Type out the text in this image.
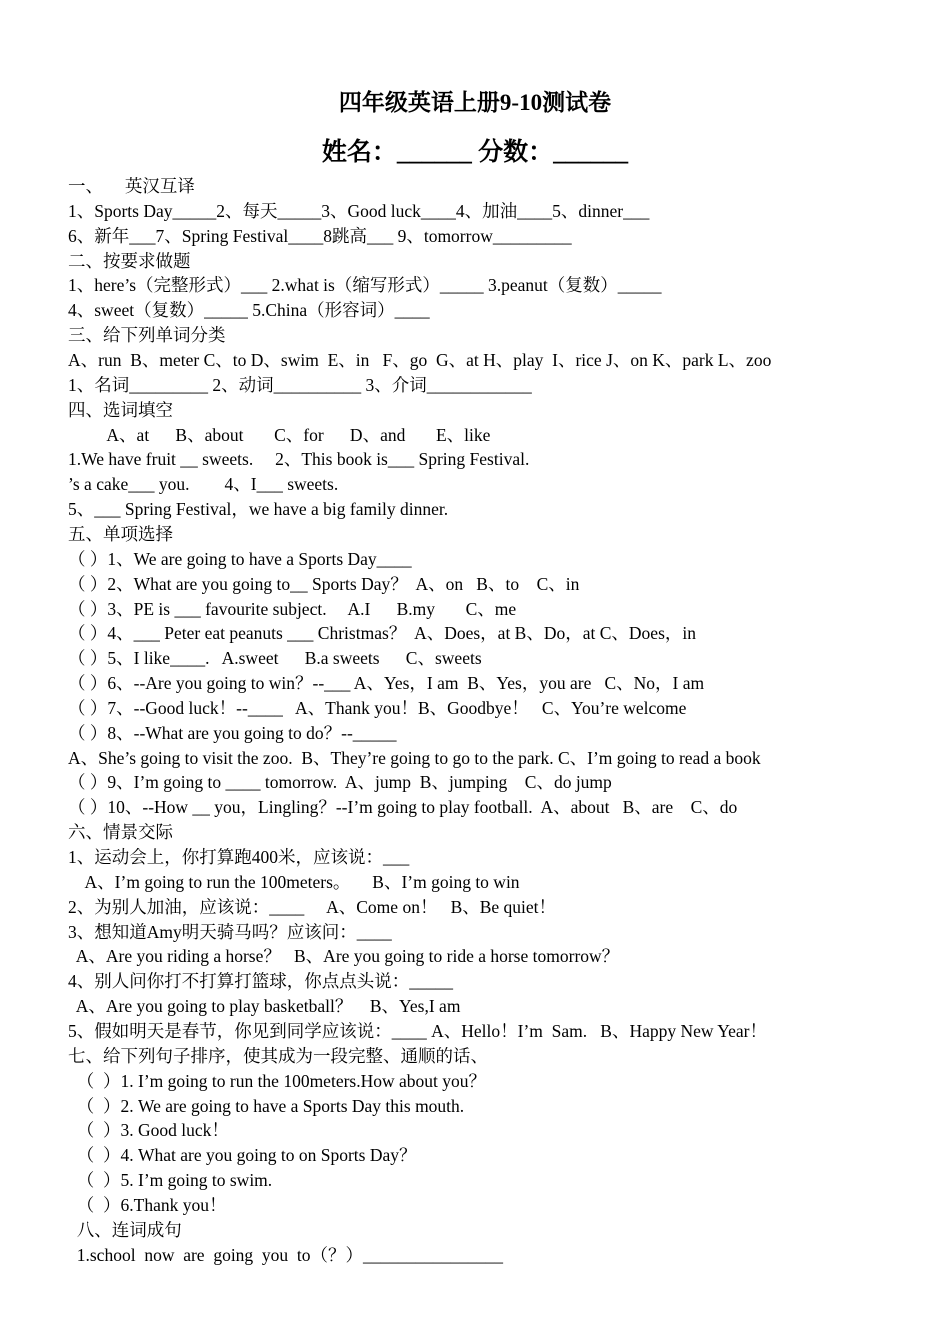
四年级英语上册9-10测试卷
姓名：______ 分数：______
一、     英汉互译
1、Sports Day_____2、每天_____3、Good luck____4、加油____5、dinner___
6、新年___7、Spring Festival____8跳高___ 9、tomorrow_________
二、按要求做题
1、here’s（完整形式）___ 2.what is（缩写形式）_____ 3.peanut（复数）_____
4、sweet（复数）_____ 5.China（形容词）____
三、给下列单词分类
A、run  B、meter C、to D、swim  E、in   F、go  G、at H、play  I、rice J、on K、park L、zoo
1、名词_________ 2、动词__________ 3、介词____________
四、选词填空
A、at      B、about       C、for      D、and       E、like
1.We have fruit __ sweets.     2、This book is___ Spring Festival.
’s a cake___ you.        4、I___ sweets.
5、___ Spring Festival，we have a big family dinner.
五、单项选择
（ ）1、We are going to have a Sports Day____
（ ）2、What are you going to__ Sports Day？  A、on   B、to    C、in
（ ）3、PE is ___ favourite subject.     A.I      B.my       C、me
（ ）4、___ Peter eat peanuts ___ Christmas？  A、Does，at B、Do，at C、Does，in
（ ）5、I like____.   A.sweet      B.a sweets      C、sweets
（ ）6、--Are you going to win？--___ A、Yes，I am  B、Yes，you are   C、No，I am
（ ）7、--Good luck！--____   A、Thank you！B、Goodbye！   C、You’re welcome
（ ）8、--What are you going to do？--_____
A、She’s going to visit the zoo.  B、They’re going to go to the park. C、I’m going to read a book
（ ）9、I’m going to ____ tomorrow.  A、jump  B、jumping    C、do jump
（ ）10、--How __ you，Lingling？--I’m going to play football.  A、about   B、are    C、do
六、情景交际
1、运动会上，你打算跑400米，应该说：___
A、I’m going to run the 100meters。     B、I’m going to win
2、为别人加油，应该说：____     A、Come on！   B、Be quiet！
3、想知道Amy明天骑马吗？应该问：____
A、Are you riding a horse？   B、Are you going to ride a horse tomorrow？
4、别人问你打不打算打篮球，你点点头说：_____
A、Are you going to play basketball？    B、Yes,I am
5、假如明天是春节，你见到同学应该说：____ A、Hello！I’m  Sam.   B、Happy New Year！
七、给下列句子排序，使其成为一段完整、通顺的话、
（  ）1. I’m going to run the 100meters.How about you？
（  ）2. We are going to have a Sports Day this mouth.
（  ）3. Good luck！
（  ）4. What are you going to on Sports Day？
（  ）5. I’m going to swim.
（  ）6.Thank you！
八、连词成句
1.school  now  are  going  you  to（？）________________
